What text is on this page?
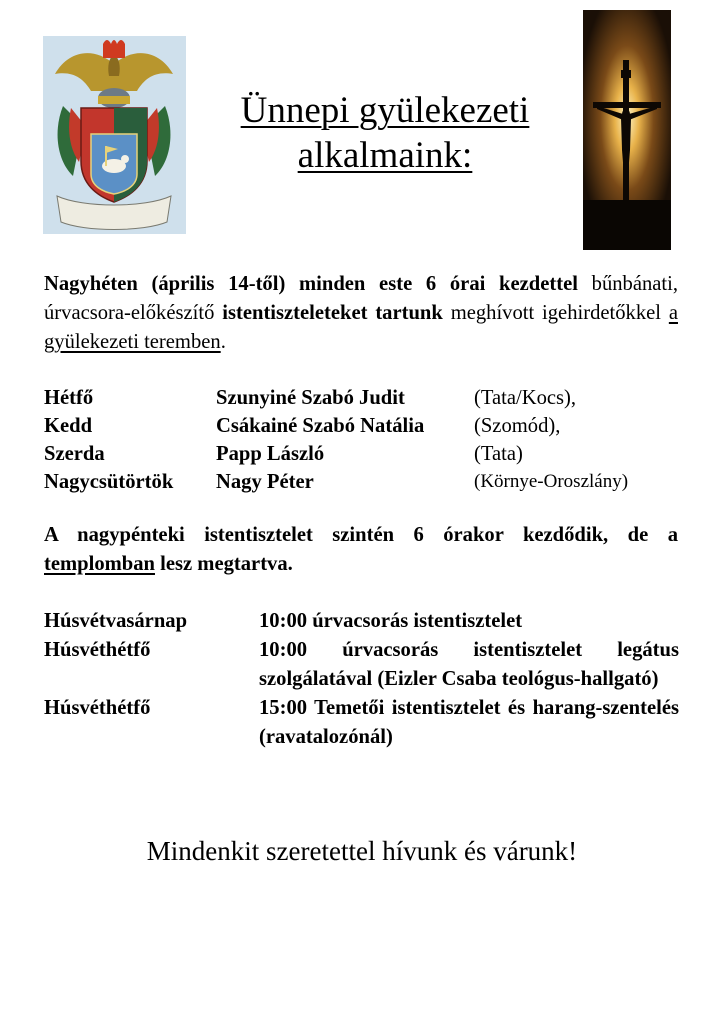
Ünnepi gyülekezeti
alkalmaink:
Nagyhéten (április 14-től) minden este 6 órai kezdettel bűnbánati, úrvacsora-előkészítő istentiszteleteket tartunk meghívott igehirdetőkkel a gyülekezeti teremben.
Hétfő	Szunyiné Szabó Judit	(Tata/Kocs),
Kedd	Csákainé Szabó Natália	(Szomód),
Szerda	Papp László	(Tata)
Nagycsütörtök	Nagy Péter	(Környe-Oroszlány)
A nagypénteki istentisztelet szintén 6 órakor kezdődik, de a templomban lesz megtartva.
Húsvétvasárnap	10:00 úrvacsorás istentisztelet
Húsvéthétfő	10:00 úrvacsorás istentisztelet legátus szolgálatával (Eizler Csaba teológus-hallgató)
Húsvéthétfő	15:00 Temetői istentisztelet és harang-szentelés (ravatalozónál)
Mindenkit szeretettel hívunk és várunk!
